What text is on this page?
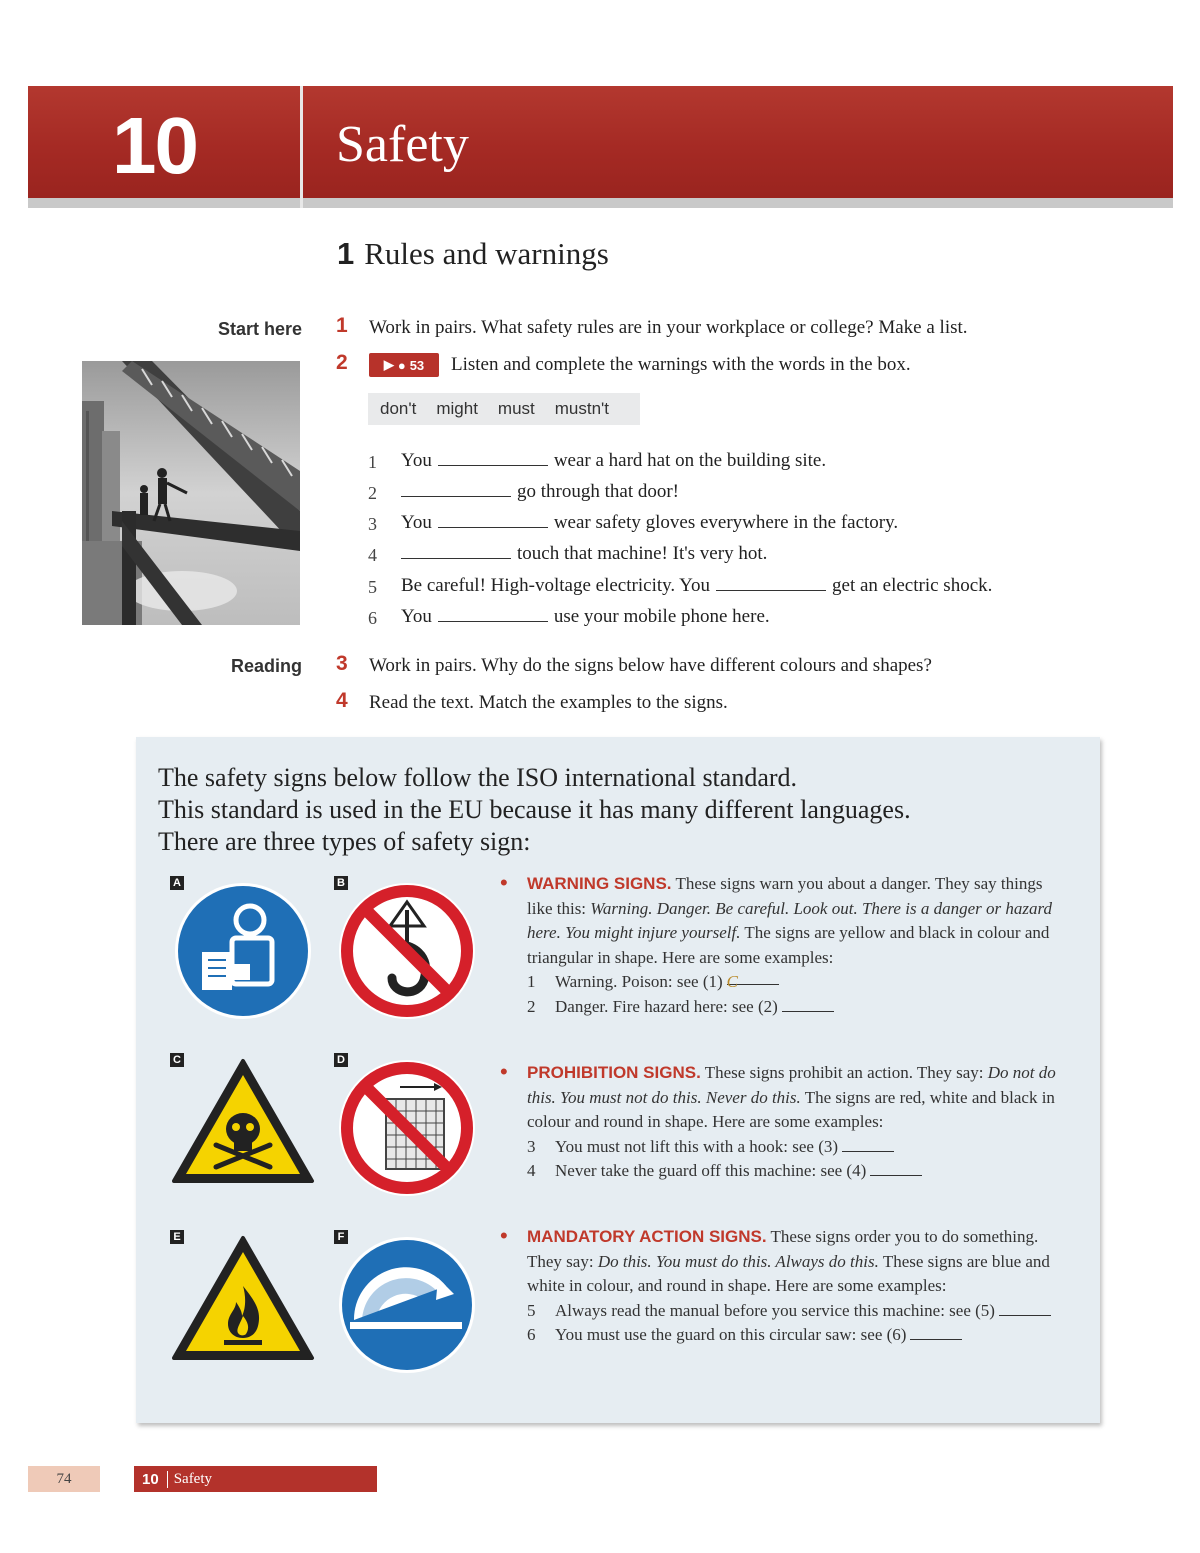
10	Safety
1 Rules and warnings
Start here
Reading
1 Work in pairs. What safety rules are in your workplace or college? Make a list.
2	▶ ● 53 Listen and complete the warnings with the words in the box.
don't might must mustn't
1 You	wear a hard hat on the building site.
2	go through that door!
3 You	wear safety gloves everywhere in the factory.
4	touch that machine! It's very hot.
5 Be careful! High-voltage electricity. You	get an electric shock.
6 You	use your mobile phone here.
3 Work in pairs. Why do the signs below have different colours and shapes?
4 Read the text. Match the examples to the signs.
The safety signs below follow the ISO international standard.
This standard is used in the EU because it has many different languages.
There are three types of safety sign:
A	B
C	D
E	F
• WARNING SIGNS. These signs warn you about a danger. They say things like this: Warning. Danger. Be careful. Look out. There is a danger or hazard here. You might injure yourself. The signs are yellow and black in colour and triangular in shape. Here are some examples:
1 Warning. Poison: see (1) C
2 Danger. Fire hazard here: see (2)
• PROHIBITION SIGNS. These signs prohibit an action. They say: Do not do this. You must not do this. Never do this. The signs are red, white and black in colour and round in shape. Here are some examples:
3 You must not lift this with a hook: see (3)
4 Never take the guard off this machine: see (4)
• MANDATORY ACTION SIGNS. These signs order you to do something. They say: Do this. You must do this. Always do this. These signs are blue and white in colour, and round in shape. Here are some examples:
5 Always read the manual before you service this machine: see (5)
6 You must use the guard on this circular saw: see (6)
74	10	Safety
